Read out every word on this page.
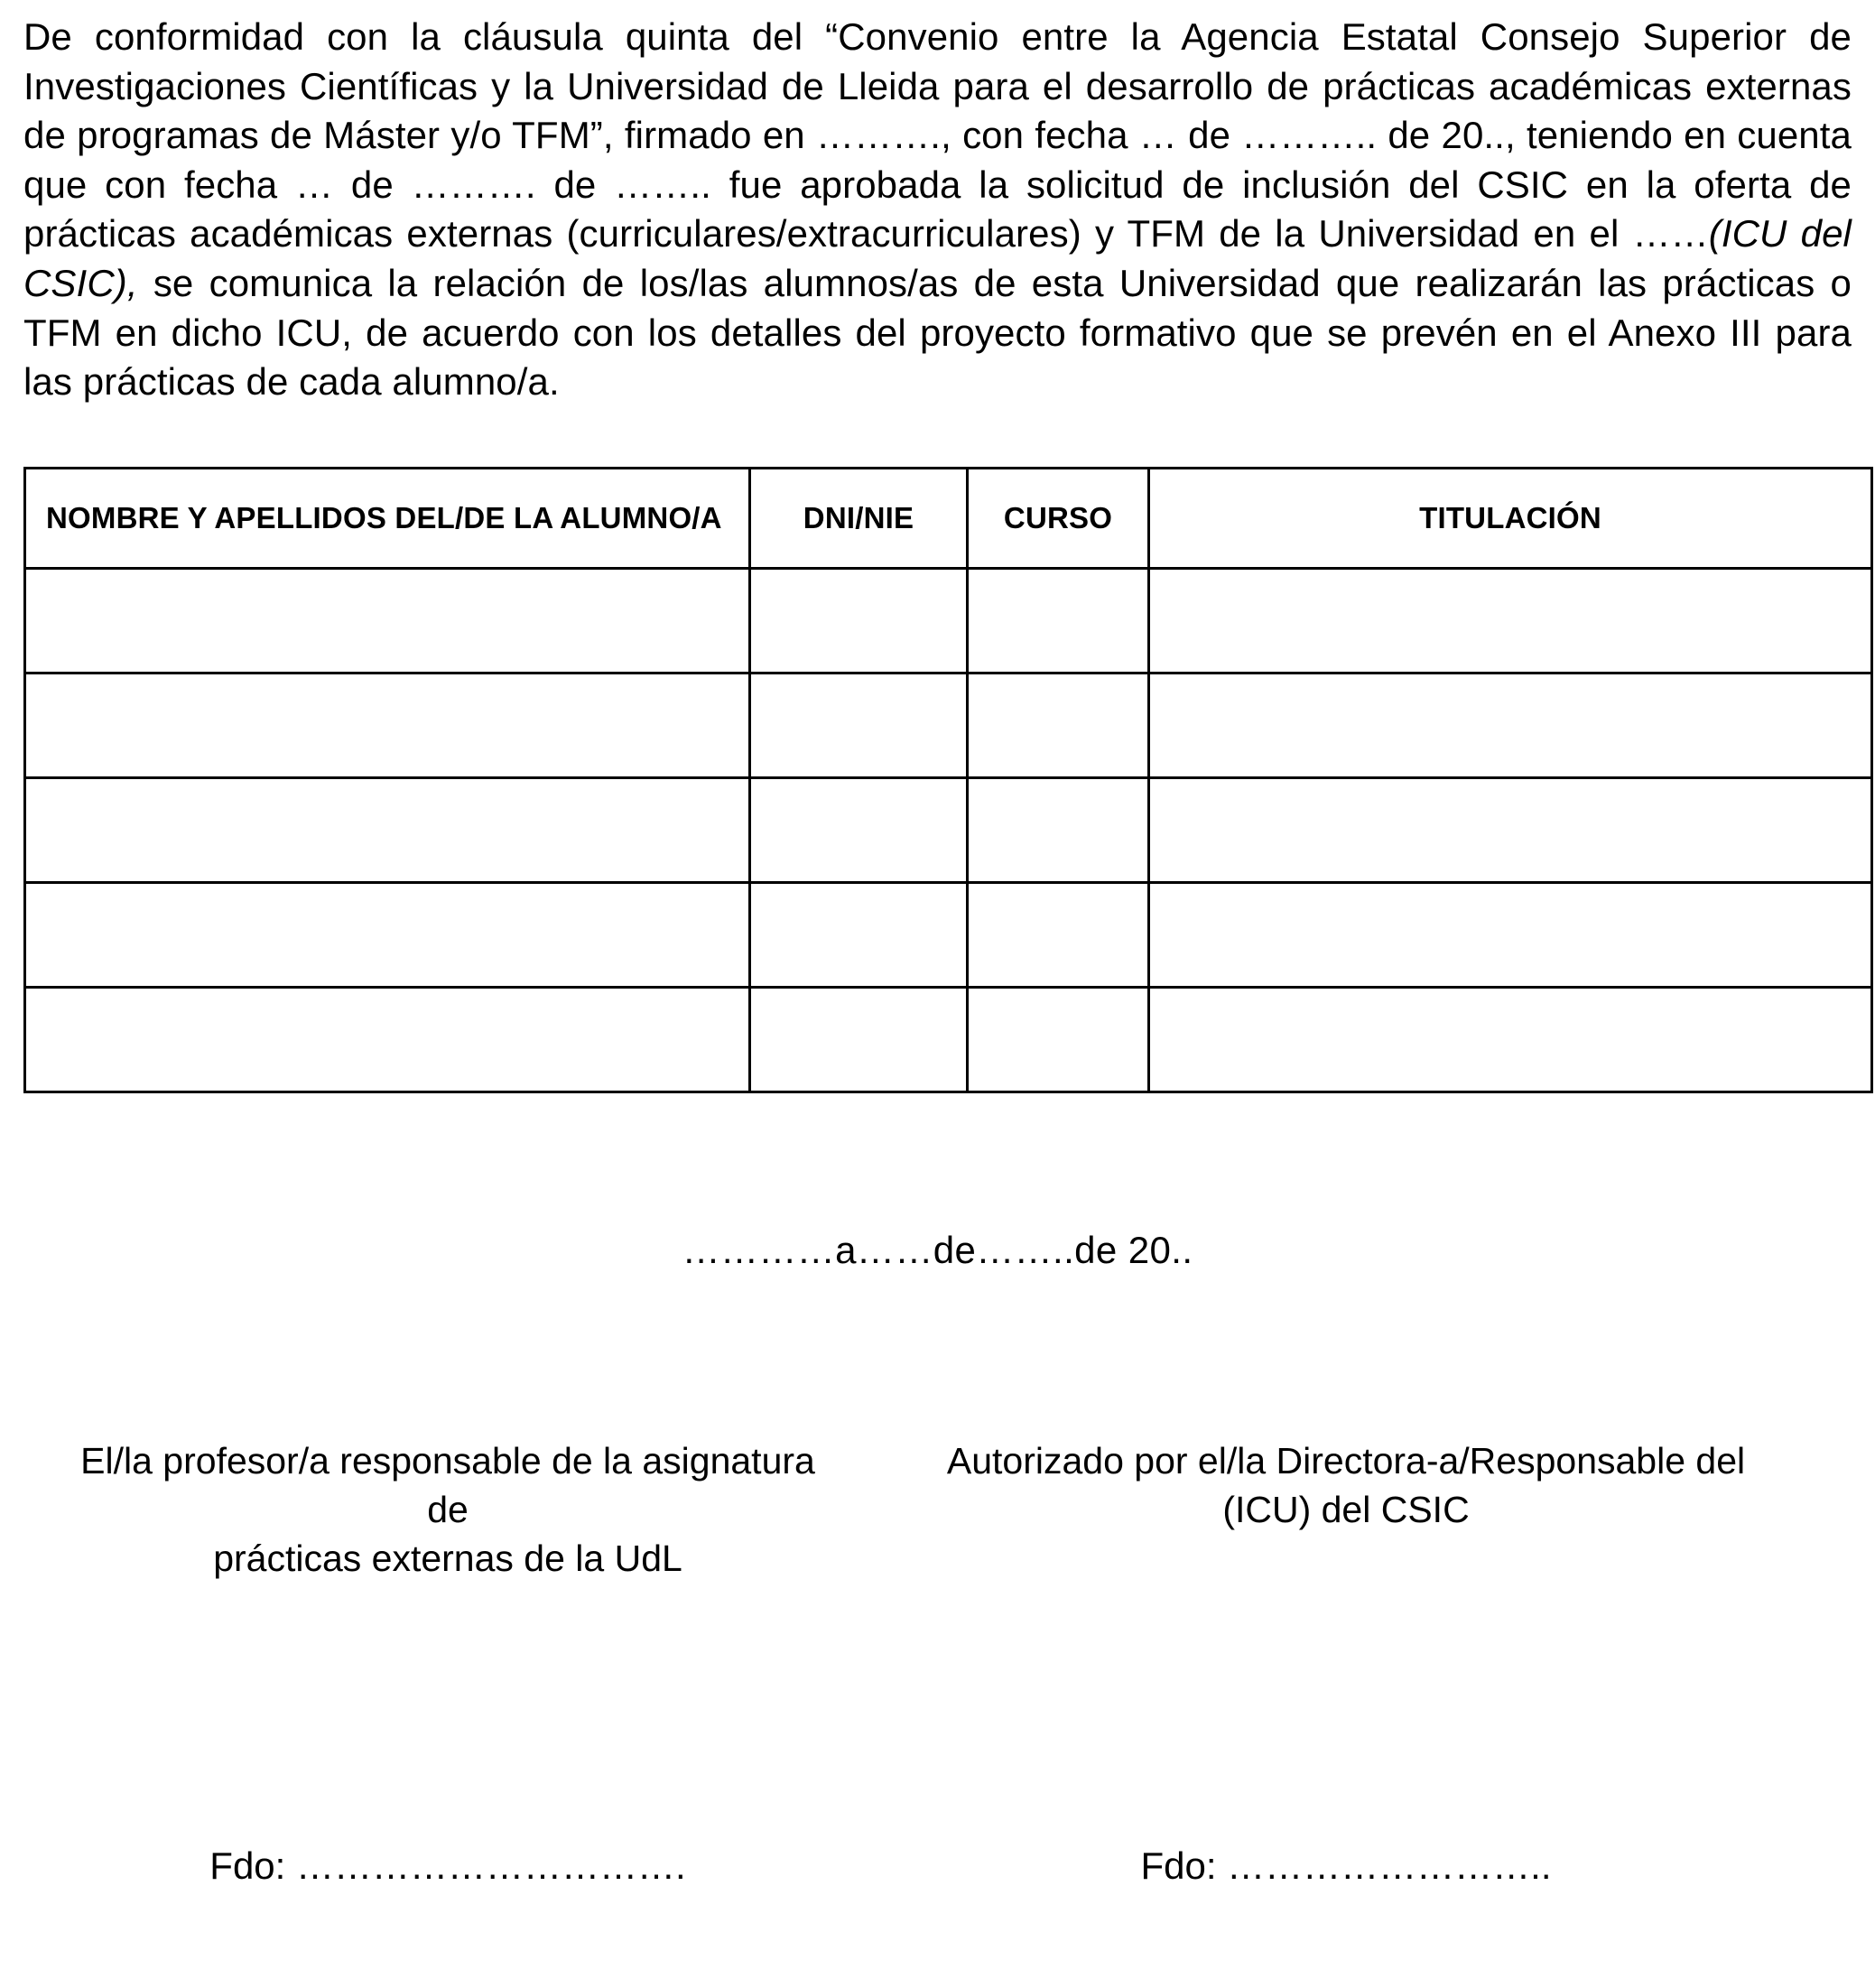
De conformidad con la cláusula quinta del “Convenio entre la Agencia Estatal Consejo Superior de Investigaciones Científicas y la Universidad de Lleida para el desarrollo de prácticas académicas externas de programas de Máster y/o TFM”, firmado en ………., con fecha … de ……….. de 20.., teniendo en cuenta que con fecha … de ………. de …….. fue aprobada la solicitud de inclusión del CSIC en la oferta de prácticas académicas externas (curriculares/extracurriculares) y TFM de la Universidad en el ……(ICU del CSIC), se comunica la relación de los/las alumnos/as de esta Universidad que realizarán las prácticas o TFM en dicho ICU, de acuerdo con los detalles del proyecto formativo que se prevén en el Anexo III para las prácticas de cada alumno/a.

NOMBRE Y APELLIDOS DEL/DE LA ALUMNO/A	DNI/NIE	CURSO	TITULACIÓN

…………a……de……..de 20..
El/la profesor/a responsable de la asignatura de
prácticas externas de la UdL
Autorizado por el/la Directora-a/Responsable del
(ICU) del CSIC
Fdo: ………………………….	Fdo: ……………………..
